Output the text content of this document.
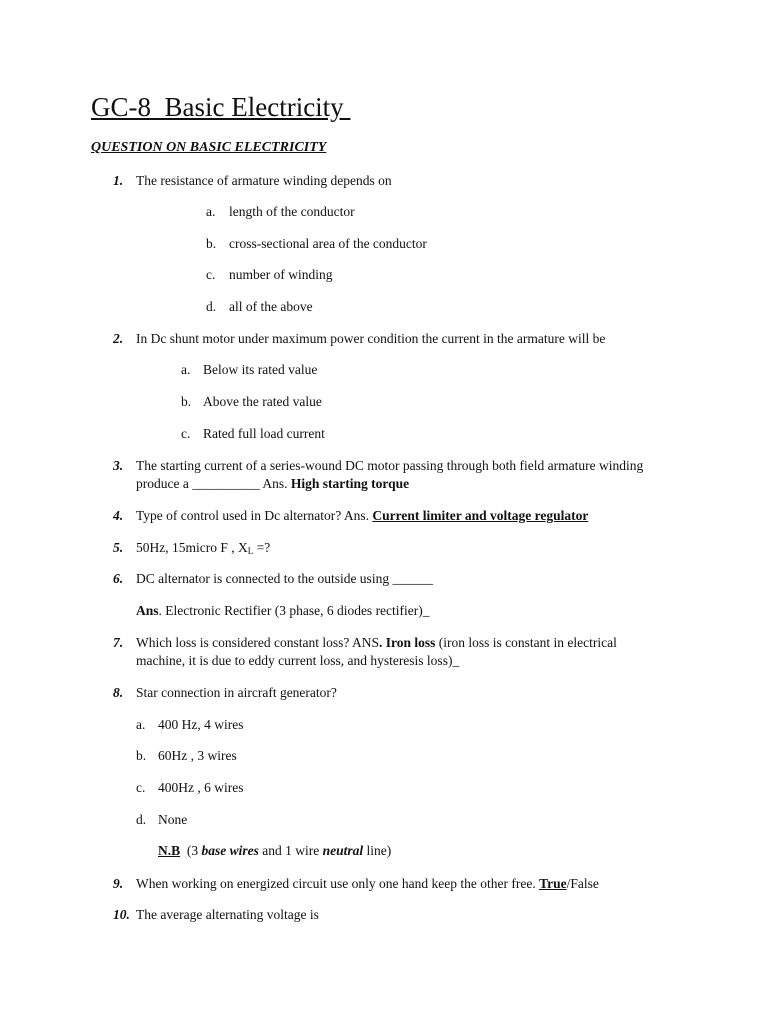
GC-8  Basic Electricity
QUESTION ON BASIC ELECTRICITY
1. The resistance of armature winding depends on
a. length of the conductor
b. cross-sectional area of the conductor
c. number of winding
d. all of the above
2. In Dc shunt motor under maximum power condition the current in the armature will be
a. Below its rated value
b. Above the rated value
c. Rated full load current
3. The starting current of a series-wound DC motor passing through both field armature winding
produce a __________ Ans. High starting torque
4. Type of control used in Dc alternator? Ans. Current limiter and voltage regulator
5. 50Hz, 15micro F , $X_L$ =?
6. DC alternator is connected to the outside using ______
Ans. Electronic Rectifier (3 phase, 6 diodes rectifier)_
7. Which loss is considered constant loss? ANS. Iron loss (iron loss is constant in electrical
machine, it is due to eddy current loss, and hysteresis loss)_
8. Star connection in aircraft generator?
a. 400 Hz, 4 wires
b. 60Hz , 3 wires
c. 400Hz , 6 wires
d. None
N.B  (3 base wires and 1 wire neutral line)
9. When working on energized circuit use only one hand keep the other free. True/False
10. The average alternating voltage is
